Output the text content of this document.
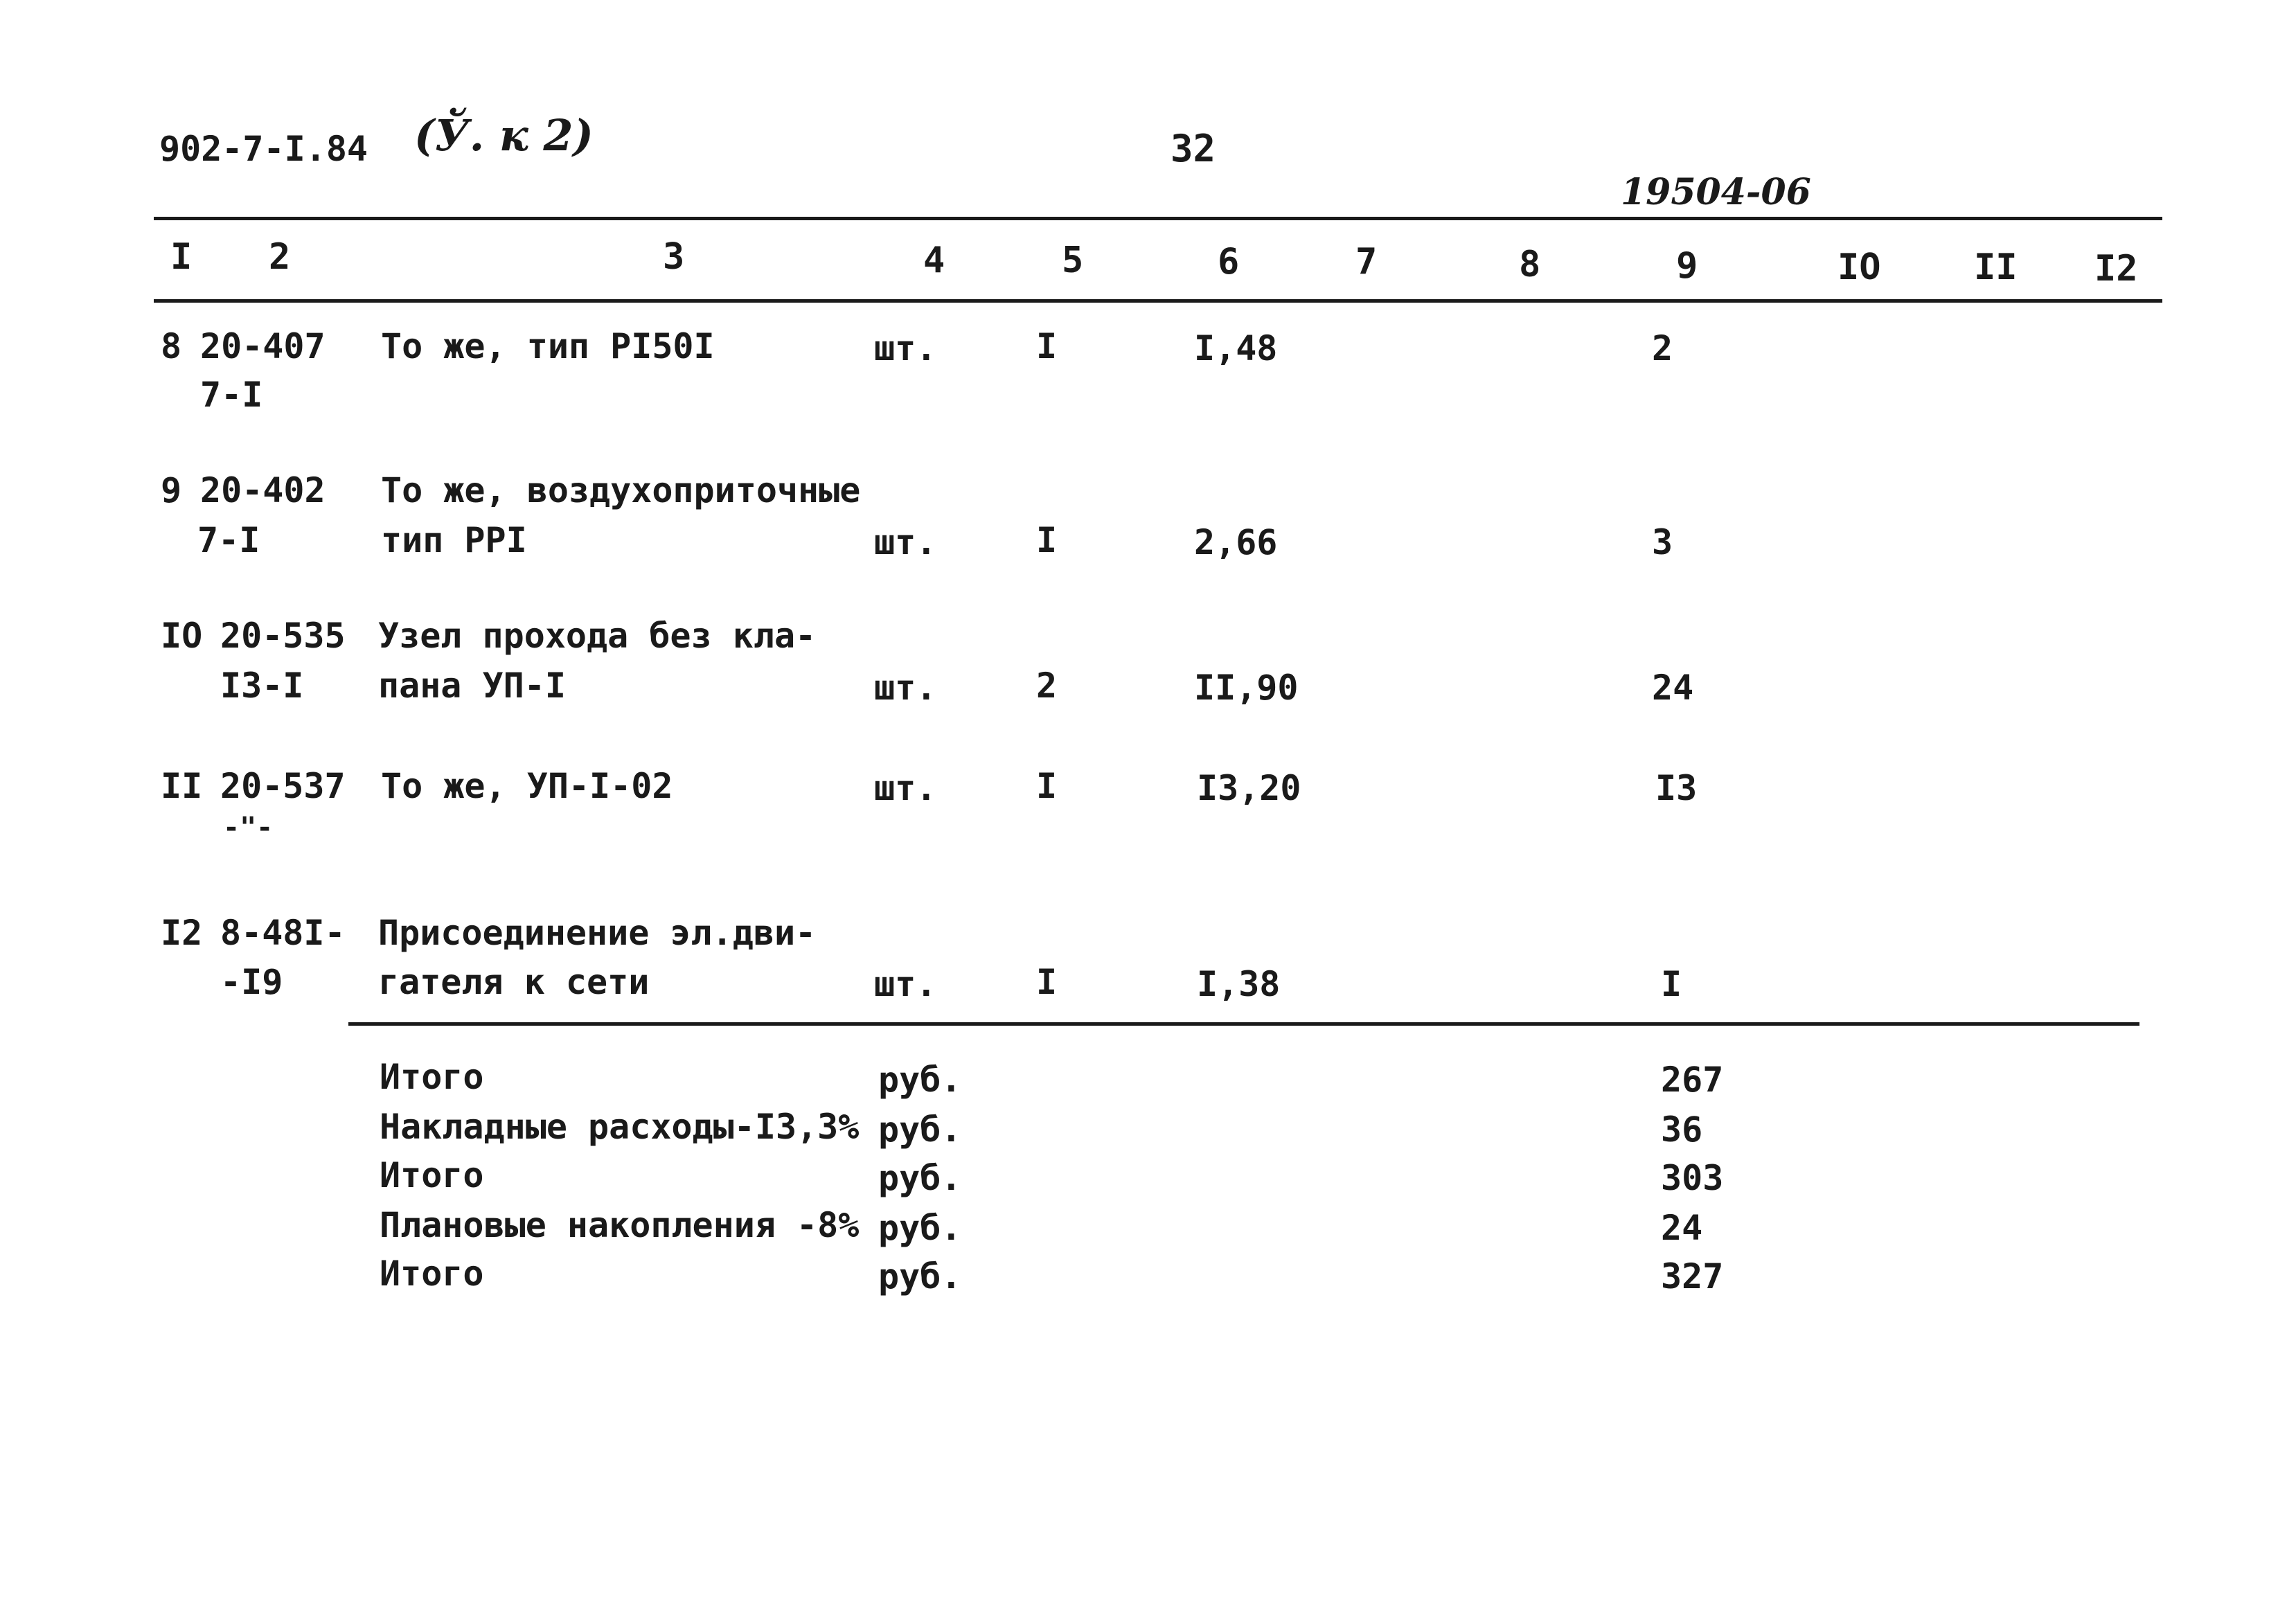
902-7-I.84 (Ў. к 2)	32
19504-06
I 2	3	4	5	6	7	8	9	IO	II I2
8 20-407
7-I
То же, тип PI50I	шт.	I	I,48	2
9 20-402
7-I
То же, воздухоприточные
тип PPI	шт.	I	2,66	3
IO 20-535
I3-I
Узел прохода без кла-
пана УП-I	шт.	2	II,90	24
II 20-537
-"-
То же, УП-I-02	шт.	I	I3,20	I3
I2 8-48I-
-I9
Присоединение эл.дви-
гателя к сети	шт.	I	I,38	I
Итого	руб.	267
Накладные расходы-I3,3% руб.	36
Итого	руб.	303
Плановые накопления -8% руб.	24
Итого	руб.	327
